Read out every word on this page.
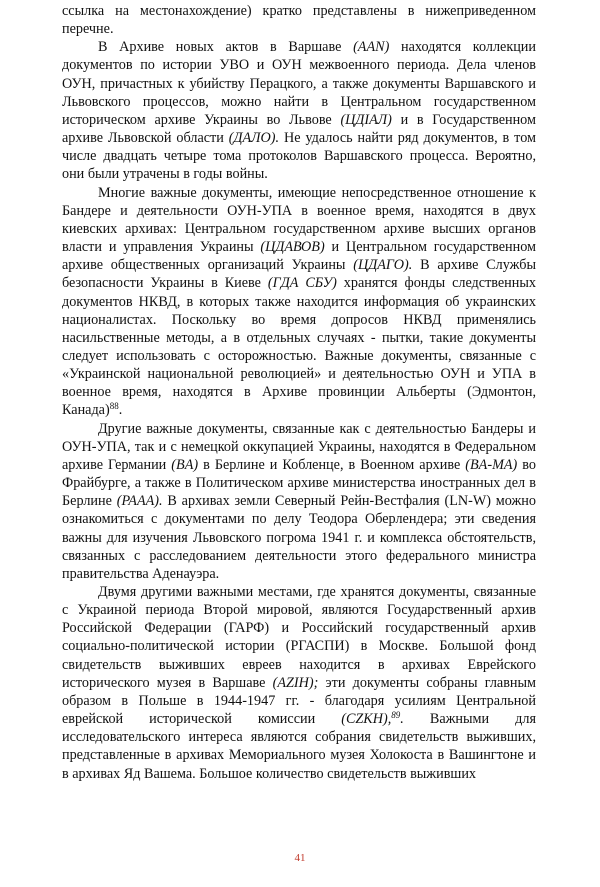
ссылка на местонахождение) кратко представлены в нижеприведенном перечне.

В Архиве новых актов в Варшаве (AAN) находятся коллекции документов по истории УВО и ОУН межвоенного периода. Дела членов ОУН, причастных к убийству Перацкого, а также документы Варшавского и Львовского процессов, можно найти в Центральном государственном историческом архиве Украины во Львове (ЦДІАЛ) и в Государственном архиве Львовской области (ДАЛО). Не удалось найти ряд документов, в том числе двадцать четыре тома протоколов Варшавского процесса. Вероятно, они были утрачены в годы войны.

Многие важные документы, имеющие непосредственное отношение к Бандере и деятельности ОУН-УПА в военное время, находятся в двух киевских архивах: Центральном государственном архиве высших органов власти и управления Украины (ЦДАВОВ) и Центральном государственном архиве общественных организаций Украины (ЦДАГО). В архиве Службы безопасности Украины в Киеве (ГДА СБУ) хранятся фонды следственных документов НКВД, в которых также находится информация об украинских националистах. Поскольку во время допросов НКВД применялись насильственные методы, а в отдельных случаях - пытки, такие документы следует использовать с осторожностью. Важные документы, связанные с «Украинской национальной революцией» и деятельностью ОУН и УПА в военное время, находятся в Архиве провинции Альберты (Эдмонтон, Канада)$^{88}$.

Другие важные документы, связанные как с деятельностью Бандеры и ОУН-УПА, так и с немецкой оккупацией Украины, находятся в Федеральном архиве Германии (BA) в Берлине и Кобленце, в Военном архиве (BA-MA) во Фрайбурге, а также в Политическом архиве министерства иностранных дел в Берлине (PAAA). В архивах земли Северный Рейн-Вестфалия (LN-W) можно ознакомиться с документами по делу Теодора Оберлендера; эти сведения важны для изучения Львовского погрома 1941 г. и комплекса обстоятельств, связанных с расследованием деятельности этого федерального министра правительства Аденауэра.

Двумя другими важными местами, где хранятся документы, связанные с Украиной периода Второй мировой, являются Государственный архив Российской Федерации (ГАРФ) и Российский государственный архив социально-политической истории (РГАСПИ) в Москве. Большой фонд свидетельств выживших евреев находится в архивах Еврейского исторического музея в Варшаве (AZIH); эти документы собраны главным образом в Польше в 1944-1947 гг. - благодаря усилиям Центральной еврейской исторической комиссии (CZKH),$^{89}$. Важными для исследовательского интереса являются собрания свидетельств выживших, представленные в архивах Мемориального музея Холокоста в Вашингтоне и в архивах Яд Вашема. Большое количество свидетельств выживших

41
